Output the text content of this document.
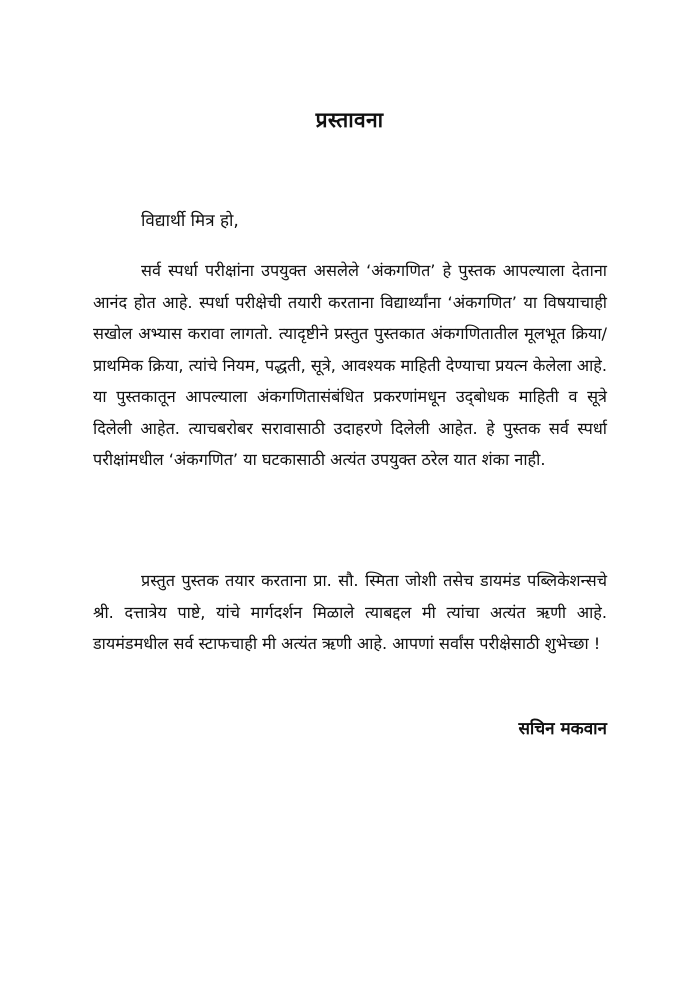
प्रस्तावना
विद्यार्थी मित्र हो,
सर्व स्पर्धा परीक्षांना उपयुक्त असलेले ‘अंकगणित’ हे पुस्तक आपल्याला देताना आनंद होत आहे. स्पर्धा परीक्षेची तयारी करताना विद्यार्थ्यांना ‘अंकगणित’ या विषयाचाही सखोल अभ्यास करावा लागतो. त्यादृष्टीने प्रस्तुत पुस्तकात अंकगणितातील मूलभूत क्रिया/प्राथमिक क्रिया, त्यांचे नियम, पद्धती, सूत्रे, आवश्यक माहिती देण्याचा प्रयत्न केलेला आहे. या पुस्तकातून आपल्याला अंकगणितासंबंधित प्रकरणांमधून उद्‌बोधक माहिती व सूत्रे दिलेली आहेत. त्याचबरोबर सरावासाठी उदाहरणे दिलेली आहेत. हे पुस्तक सर्व स्पर्धा परीक्षांमधील ‘अंकगणित’ या घटकासाठी अत्यंत उपयुक्त ठरेल यात शंका नाही.
प्रस्तुत पुस्तक तयार करताना प्रा. सौ. स्मिता जोशी तसेच डायमंड पब्लिकेशन्सचे श्री. दत्तात्रेय पाष्टे, यांचे मार्गदर्शन मिळाले त्याबद्दल मी त्यांचा अत्यंत ऋणी आहे. डायमंडमधील सर्व स्टाफचाही मी अत्यंत ऋणी आहे. आपणां सर्वांस परीक्षेसाठी शुभेच्छा !
सचिन मकवान
